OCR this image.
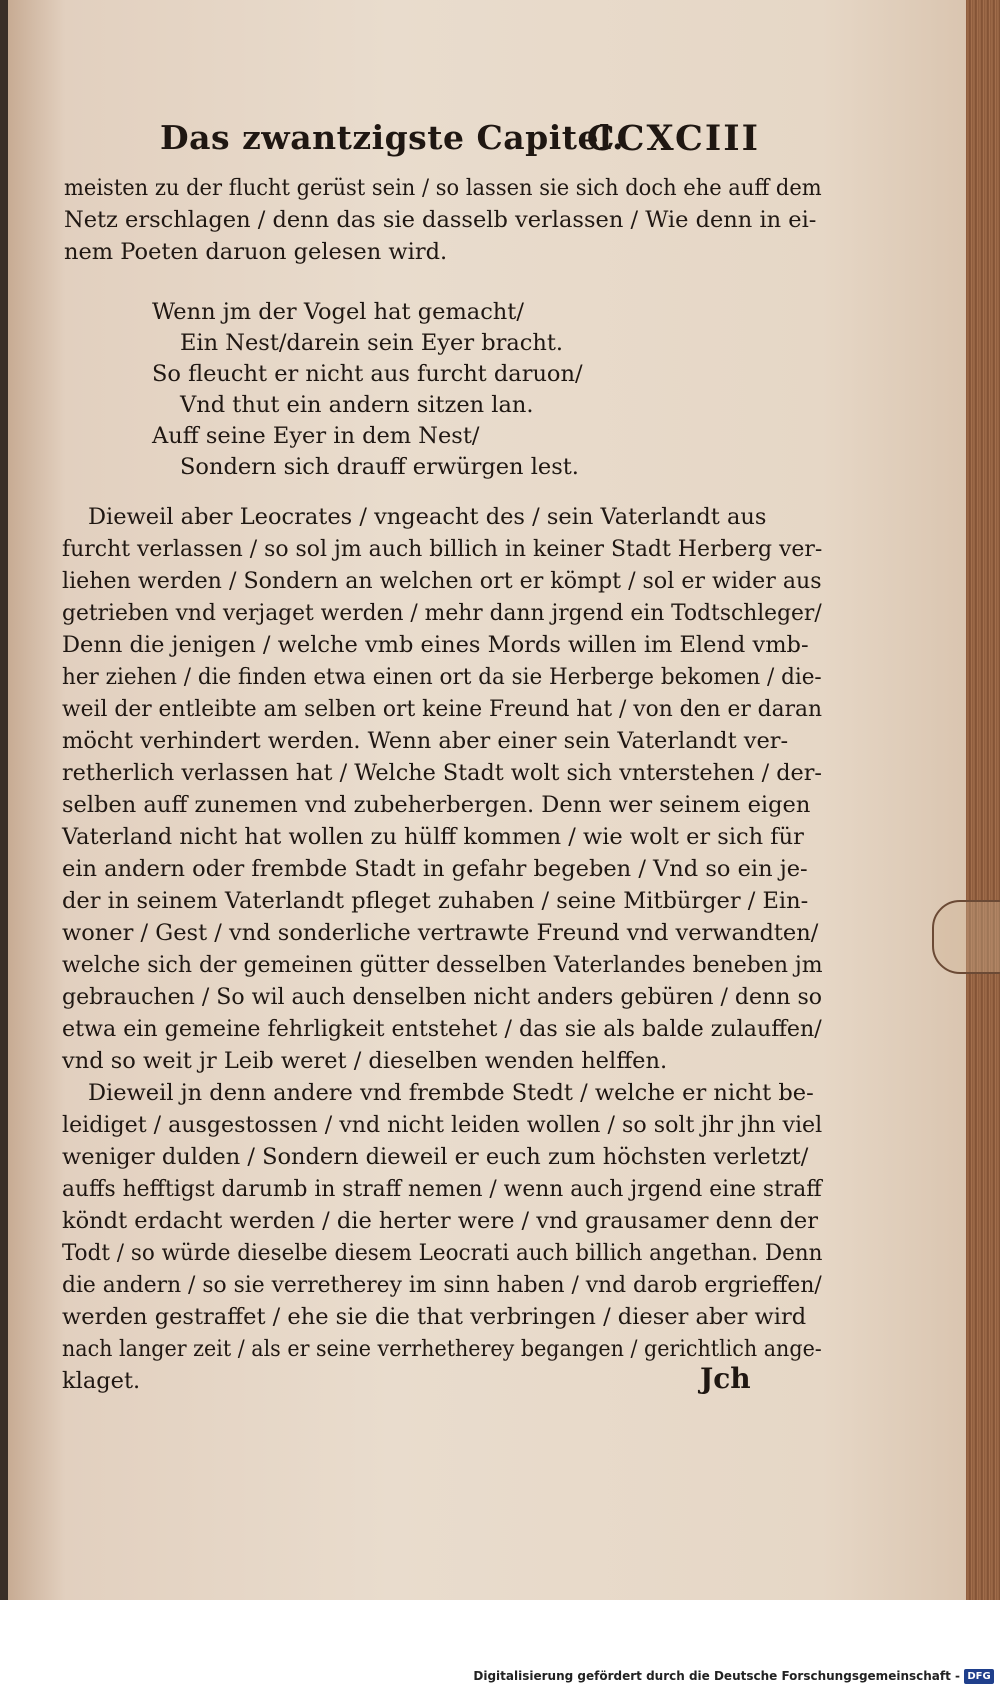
Das zwantzigste Capitel.
CCXCIII
meisten zu der flucht gerüst sein / so lassen sie sich doch ehe auff dem
Netz erschlagen / denn das sie dasselb verlassen / Wie denn in ei-
nem Poeten daruon gelesen wird.
Wenn jm der Vogel hat gemacht/
Ein Nest/darein sein Eyer bracht.
So fleucht er nicht aus furcht daruon/
Vnd thut ein andern sitzen lan.
Auff seine Eyer in dem Nest/
Sondern sich drauff erwürgen lest.
Dieweil aber Leocrates / vngeacht des / sein Vaterlandt aus
furcht verlassen / so sol jm auch billich in keiner Stadt Herberg ver-
liehen werden / Sondern an welchen ort er kömpt / sol er wider aus
getrieben vnd verjaget werden / mehr dann jrgend ein Todtschleger/
Denn die jenigen / welche vmb eines Mords willen im Elend vmb-
her ziehen / die finden etwa einen ort da sie Herberge bekomen / die-
weil der entleibte am selben ort keine Freund hat / von den er daran
möcht verhindert werden. Wenn aber einer sein Vaterlandt ver-
retherlich verlassen hat / Welche Stadt wolt sich vnterstehen / der-
selben auff zunemen vnd zubeherbergen. Denn wer seinem eigen
Vaterland nicht hat wollen zu hülff kommen / wie wolt er sich für
ein andern oder frembde Stadt in gefahr begeben / Vnd so ein je-
der in seinem Vaterlandt pfleget zuhaben / seine Mitbürger / Ein-
woner / Gest / vnd sonderliche vertrawte Freund vnd verwandten/
welche sich der gemeinen gütter desselben Vaterlandes beneben jm
gebrauchen / So wil auch denselben nicht anders gebüren / denn so
etwa ein gemeine fehrligkeit entstehet / das sie als balde zulauffen/
vnd so weit jr Leib weret / dieselben wenden helffen.
Dieweil jn denn andere vnd frembde Stedt / welche er nicht be-
leidiget / ausgestossen / vnd nicht leiden wollen / so solt jhr jhn viel
weniger dulden / Sondern dieweil er euch zum höchsten verletzt/
auffs hefftigst darumb in straff nemen / wenn auch jrgend eine straff
köndt erdacht werden / die herter were / vnd grausamer denn der
Todt / so würde dieselbe diesem Leocrati auch billich angethan. Denn
die andern / so sie verretherey im sinn haben / vnd darob ergrieffen/
werden gestraffet / ehe sie die that verbringen / dieser aber wird
nach langer zeit / als er seine verrhetherey begangen / gerichtlich ange-
klaget.	Jch
Digitalisierung gefördert durch die Deutsche Forschungsgemeinschaft - DFG
